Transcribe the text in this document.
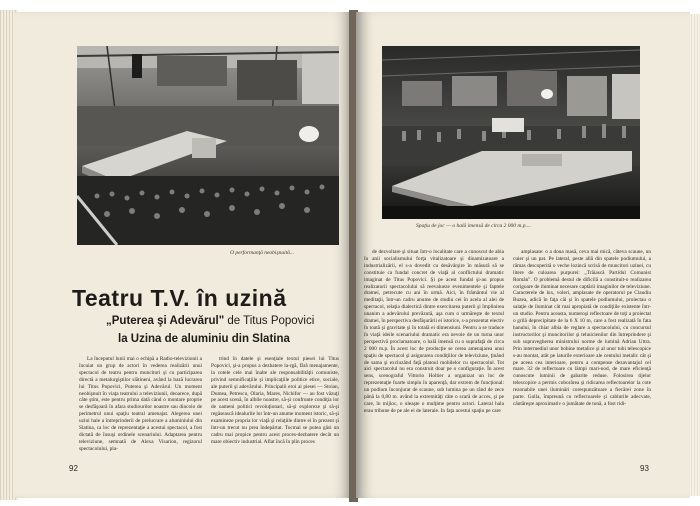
O performanţă neobişnuită...
Teatru T.V. în uzină
„Puterea şi Adevărul" de Titus Popovici
la Uzina de aluminiu din Slatina

La începutul lunii mai o echipă a Radio-televiziunii a încuiat un grup de actori în vederea realizării unui spectacol de teatru pentru muncitori şi cu participarea directă a metalurgiştilor slătineni, având la bază lucrarea lui Titus Popovici, Puterea şi Adevărul. Un moment neobişnuit în viaţa teatrului a televiziunii, deoarece, după câte ştim, este pentru prima dată când o montare proprie se desfăşoară în afara studiourilor noastre sau dincolo de perimetrul unui spaţiu teatral amenajat. Alegerea unei uzini hale a întreprinderii de prelucrare a aluminiului din Slatina, ca loc de reprezentaţie a acestui spectacol, a fost dictată de însuşi ordinele scenariului. Adaptarea pentru televiziune, semnată de Alexa Visarion, regizorul spectacolului, pla-

trind în datele şi esenţiale textul piesei lui Titus Popovici, şi-a propus a dezbatere la-rgă, fără menajamente, la cotele cele mai înalte ale responsabilităţii comuniste, privind semnificaţiile şi implicaţiile politice etice, sociale, ale puterii şi adevărului. Principalii eroi ai piesei — Stoian, Dumea, Petrescu, Olaria, Mares, Nichifor — au fost văzuţi pe acest scenă, în albile noastre, să-şi confrunte condiţia lor de oameni politici revoluţionari, să-şi exploreze şi să-şi regăsească idealurile lor într-un anume moment istoric, să-şi examineze propria lor viaţă şi relaţiile dintre ei în prezent şi într-un trecut nu prea îndepărtat. Tocmai se putea găsi un cadru mai propice pentru acest proces-dezbatere decât un mare obiectiv industrial. Aflat încă în plin proces

92
Spaţiu de joc — o hală imensă de circa 2 000 m.p....

de dezvoltare şi situat într-o localitate care a cunoscut de abia în anii socialismului forţa vitalizatoare şi dinamizatoare a industrializării, el s-a dovedit cu desăvârşire în măsură să se constituie ca fundal concret de viaţă al conflictului dramatic imaginat de Titus Popovici. Şi pe acest fundal şi-au propus realizatorii spectacolului să reevalueze evenimentele şi faptele dramei, petrecute cu ani în urmă. Aici, în frământul vie al meditaţii, într-un cadru anume de studiu cei în acela al alei de spectacol, relaţia dialectică dintre exercitarea puterii şi împlinirea unanim a adevărului prevăzută, aşa cum o urmăreşte de textul dramei, în perspectiva desfăşurării ei istorice, s-a prezentat electiv în toată şi gravitate şi în totală ei dimensiuni. Pentru a se traduce în viaţă ideile scenariului dramatic era nevoie de un turna unor perspectivă proclamatoare, o hală imensă cu o suprafaţă de circa 2 000 m.p. În acest loc de producţie se cerea amenajarea unui spaţiu de spectacol şi asigurarea condiţiilor de televiziune, ţinând de sama şi excluzând faţă platoul mobilelor cu spectacolul. Tot aici spectacolul nu era construit doar pe o configuraţie. În acest sens, scenograful Vittorio Holtier a organizat un loc de reprezentaţie foarte simplu în aparenţă, dar extrem de funcţional: un podium înconjurat de scaune, sub lumina pe un rând de zece până la 0,80 m. având la extremităţi câte o scară de acces, şi pe care, în mijloc, o uleaşte o mulţime pentru actori. Lateral hala erau tribune de pe ale ei de laterale. In faţa acestui spaţiu pe care

amplasate: o a doua masă, ceva mai mică, câteva scaune, un cuier şi un pat. Pe lateral, peste allă din spatele podiumului, a rămas descoperită o veche lozincă scrisă de muncitori uzinei, cu litere de culoarea purpurei: „Trăiască Partidul Comunist Român". O problemă destul de dificilă a constituit-o realizarea corigoare de iluminat necesare captării imaginilor de televiziune. Caracterele de lux, voleri, amplasate de operatorul pe Claudiu Buzea, adică în faţa căi şi în spatele podiumului, proiectau o salaţie de iluminat cât mai apropiată de condiţiile existente într-un studio. Pentru aceasta, numeroşi reflectoare de toţi a proiectat o grilă deprecipitate de la 6 X 10 m, care a fost realizată în fata hanului, în chiar albia de reglare a spectacolului, cu concursul instructorilor şi muncitorilor şi tehnicienilor din întreprindere şi sub supravegherea ministrului norme de lumină Adrian Uttra. Prin intermediul unor bobine metalice şi al unor tubi telescopice s-au montat, atât pe laturile exterioare ale centului metalic cât şi pe aceea cea interioare, pentru a compense dezavantajul cel mare. 32 de reflectoare cu lămpi mari-nod, de mare eficienţă cunoscute luminii de gabarite reduse. Folosirea tijelor telescopice a permis coborârea şi ridicarea reflectoarelor la cote rezonabile unei iluminări corespunzătoare a fiecărei zone în parte. Gulla, împreună cu reflectoarele şi cablurile adecvate, cântăreşte aproximativ o jumătate de tonă, a fost ridi-

93
